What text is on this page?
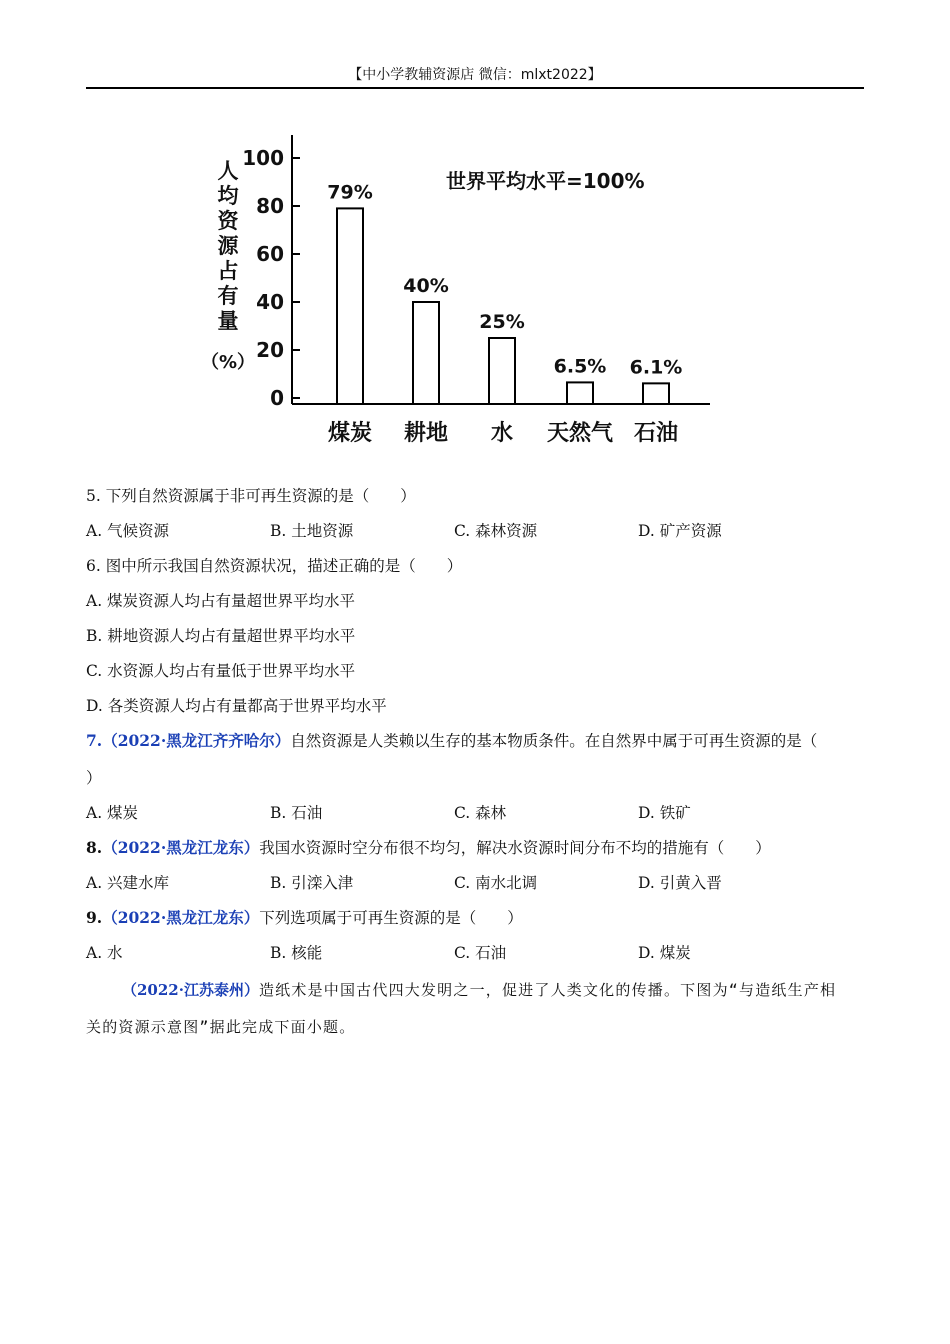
【中小学教辅资源店 微信：mlxt2022】
人
均
资
源
占
有
量
（%）
0
20
40
60
80
100
79%
煤炭
40%
耕地
25%
水
6.5%
天然气
6.1%
石油
世界平均水平=100%
5. 下列自然资源属于非可再生资源的是（　　）
A. 气候资源	B. 土地资源	C. 森林资源	D. 矿产资源
6. 图中所示我国自然资源状况，描述正确的是（　　）
A. 煤炭资源人均占有量超世界平均水平
B. 耕地资源人均占有量超世界平均水平
C. 水资源人均占有量低于世界平均水平
D. 各类资源人均占有量都高于世界平均水平
7.（2022·黑龙江齐齐哈尔）自然资源是人类赖以生存的基本物质条件。在自然界中属于可再生资源的是（
）
A. 煤炭	B. 石油	C. 森林	D. 铁矿
8.（2022·黑龙江龙东）我国水资源时空分布很不均匀，解决水资源时间分布不均的措施有（　　）
A. 兴建水库	B. 引滦入津	C. 南水北调	D. 引黄入晋
9.（2022·黑龙江龙东）下列选项属于可再生资源的是（　　）
A. 水	B. 核能	C. 石油	D. 煤炭
（2022·江苏泰州）造纸术是中国古代四大发明之一，促进了人类文化的传播。下图为“与造纸生产相
关的资源示意图”据此完成下面小题。
